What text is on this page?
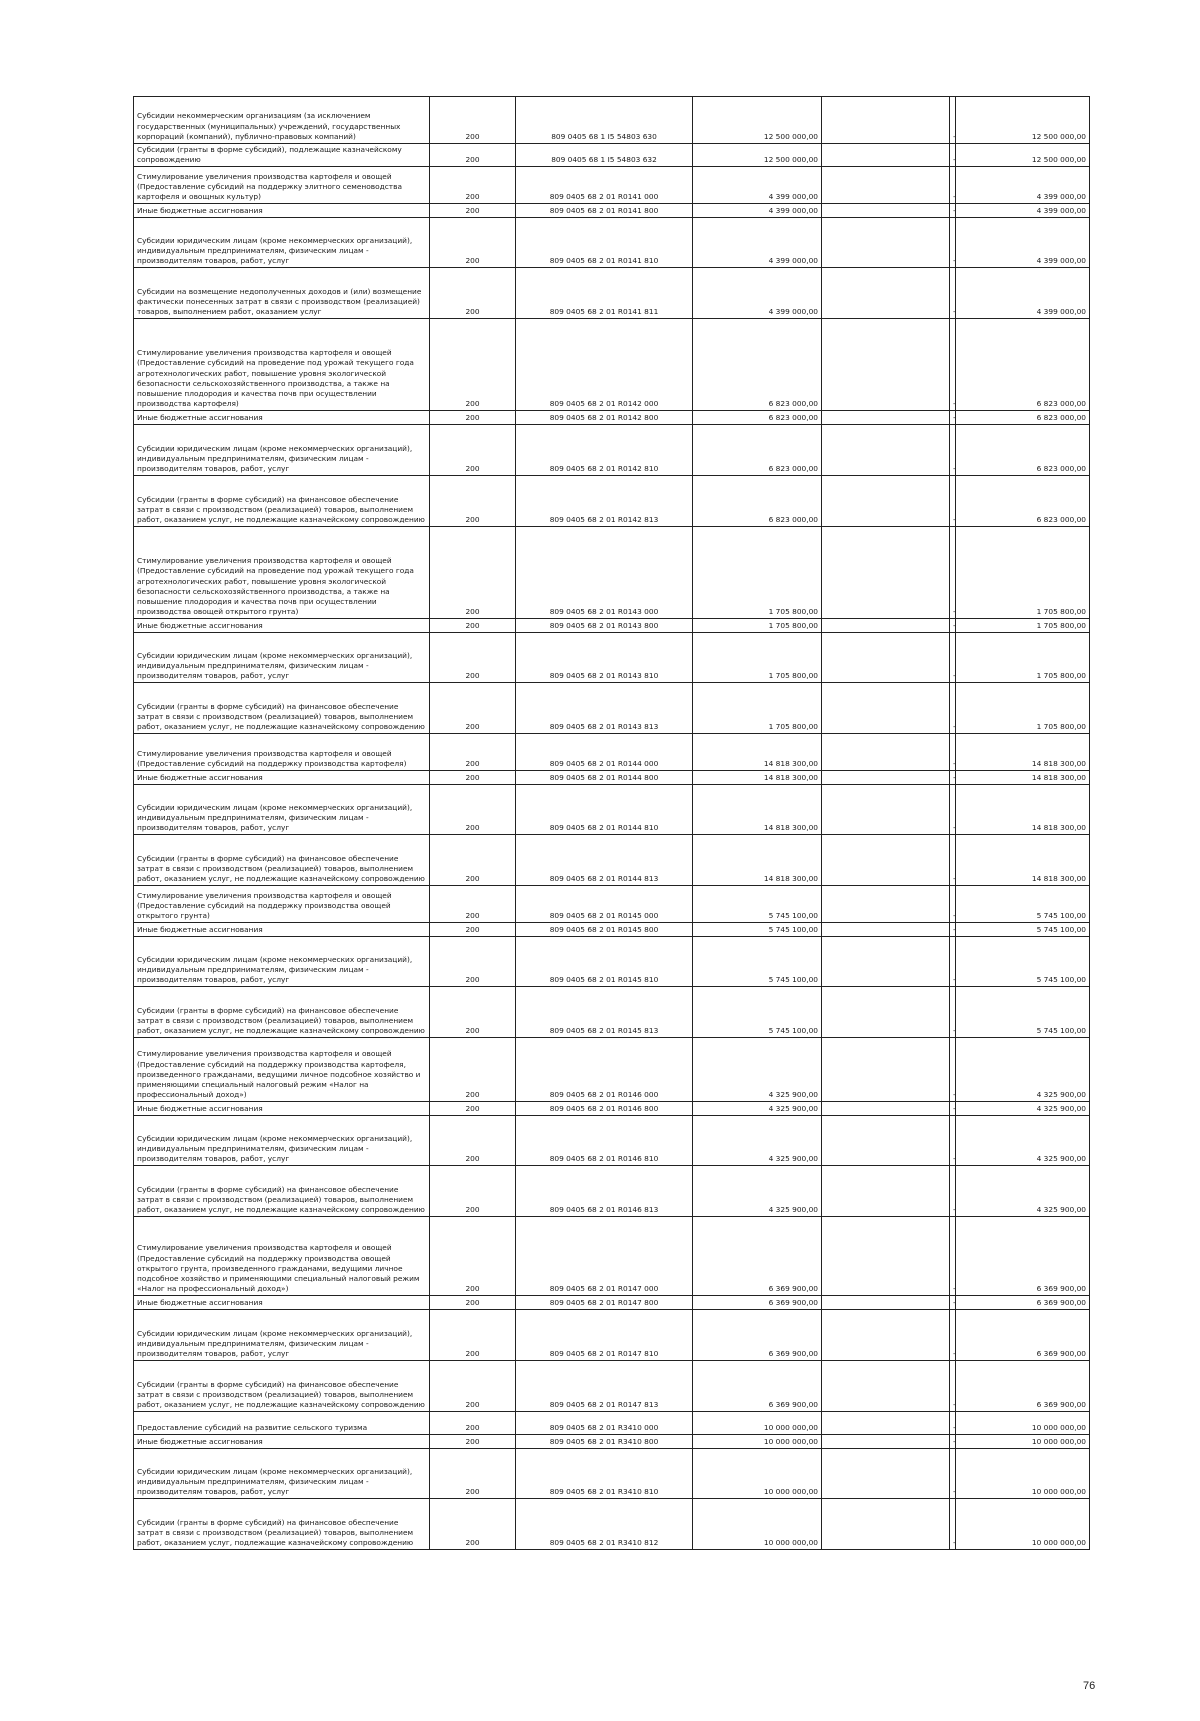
Субсидии некоммерческим организациям (за исключением государственных (муниципальных) учреждений, государственных корпораций (компаний), публично-правовых компаний)	200	809 0405 68 1 I5 54803 630	12 500 000,00		-	12 500 000,00
Субсидии (гранты в форме субсидий), подлежащие казначейскому сопровождению	200	809 0405 68 1 I5 54803 632	12 500 000,00		-	12 500 000,00
Стимулирование увеличения производства картофеля и овощей (Предоставление субсидий на поддержку элитного семеноводства картофеля и овощных культур)	200	809 0405 68 2 01 R0141 000	4 399 000,00		-	4 399 000,00
Иные бюджетные ассигнования	200	809 0405 68 2 01 R0141 800	4 399 000,00		-	4 399 000,00
Субсидии юридическим лицам (кроме некоммерческих организаций), индивидуальным предпринимателям, физическим лицам - производителям товаров, работ, услуг	200	809 0405 68 2 01 R0141 810	4 399 000,00		-	4 399 000,00
Субсидии на возмещение недополученных доходов и (или) возмещение фактически понесенных затрат в связи с производством (реализацией) товаров, выполнением работ, оказанием услуг	200	809 0405 68 2 01 R0141 811	4 399 000,00		-	4 399 000,00
Стимулирование увеличения производства картофеля и овощей (Предоставление субсидий на проведение под урожай текущего года агротехнологических работ, повышение уровня экологической безопасности сельскохозяйственного производства, а также на повышение плодородия и качества почв при осуществлении производства картофеля)	200	809 0405 68 2 01 R0142 000	6 823 000,00		-	6 823 000,00
Иные бюджетные ассигнования	200	809 0405 68 2 01 R0142 800	6 823 000,00		-	6 823 000,00
Субсидии юридическим лицам (кроме некоммерческих организаций), индивидуальным предпринимателям, физическим лицам - производителям товаров, работ, услуг	200	809 0405 68 2 01 R0142 810	6 823 000,00		-	6 823 000,00
Субсидии (гранты в форме субсидий) на финансовое обеспечение затрат в связи с производством (реализацией) товаров, выполнением работ, оказанием услуг, не подлежащие казначейскому сопровождению	200	809 0405 68 2 01 R0142 813	6 823 000,00		-	6 823 000,00
Стимулирование увеличения производства картофеля и овощей (Предоставление субсидий на проведение под урожай текущего года агротехнологических работ, повышение уровня экологической безопасности сельскохозяйственного производства, а также на повышение плодородия и качества почв при осуществлении производства овощей открытого грунта)	200	809 0405 68 2 01 R0143 000	1 705 800,00		-	1 705 800,00
Иные бюджетные ассигнования	200	809 0405 68 2 01 R0143 800	1 705 800,00		-	1 705 800,00
Субсидии юридическим лицам (кроме некоммерческих организаций), индивидуальным предпринимателям, физическим лицам - производителям товаров, работ, услуг	200	809 0405 68 2 01 R0143 810	1 705 800,00		-	1 705 800,00
Субсидии (гранты в форме субсидий) на финансовое обеспечение затрат в связи с производством (реализацией) товаров, выполнением работ, оказанием услуг, не подлежащие казначейскому сопровождению	200	809 0405 68 2 01 R0143 813	1 705 800,00		-	1 705 800,00
Стимулирование увеличения производства картофеля и овощей (Предоставление субсидий на поддержку производства картофеля)	200	809 0405 68 2 01 R0144 000	14 818 300,00		-	14 818 300,00
Иные бюджетные ассигнования	200	809 0405 68 2 01 R0144 800	14 818 300,00		-	14 818 300,00
Субсидии юридическим лицам (кроме некоммерческих организаций), индивидуальным предпринимателям, физическим лицам - производителям товаров, работ, услуг	200	809 0405 68 2 01 R0144 810	14 818 300,00		-	14 818 300,00
Субсидии (гранты в форме субсидий) на финансовое обеспечение затрат в связи с производством (реализацией) товаров, выполнением работ, оказанием услуг, не подлежащие казначейскому сопровождению	200	809 0405 68 2 01 R0144 813	14 818 300,00		-	14 818 300,00
Стимулирование увеличения производства картофеля и овощей (Предоставление субсидий на поддержку производства овощей открытого грунта)	200	809 0405 68 2 01 R0145 000	5 745 100,00		-	5 745 100,00
Иные бюджетные ассигнования	200	809 0405 68 2 01 R0145 800	5 745 100,00		-	5 745 100,00
Субсидии юридическим лицам (кроме некоммерческих организаций), индивидуальным предпринимателям, физическим лицам - производителям товаров, работ, услуг	200	809 0405 68 2 01 R0145 810	5 745 100,00		-	5 745 100,00
Субсидии (гранты в форме субсидий) на финансовое обеспечение затрат в связи с производством (реализацией) товаров, выполнением работ, оказанием услуг, не подлежащие казначейскому сопровождению	200	809 0405 68 2 01 R0145 813	5 745 100,00		-	5 745 100,00
Стимулирование увеличения производства картофеля и овощей (Предоставление субсидий на поддержку производства картофеля, произведенного гражданами, ведущими личное подсобное хозяйство и применяющими специальный налоговый режим «Налог на профессиональный доход»)	200	809 0405 68 2 01 R0146 000	4 325 900,00		-	4 325 900,00
Иные бюджетные ассигнования	200	809 0405 68 2 01 R0146 800	4 325 900,00		-	4 325 900,00
Субсидии юридическим лицам (кроме некоммерческих организаций), индивидуальным предпринимателям, физическим лицам - производителям товаров, работ, услуг	200	809 0405 68 2 01 R0146 810	4 325 900,00		-	4 325 900,00
Субсидии (гранты в форме субсидий) на финансовое обеспечение затрат в связи с производством (реализацией) товаров, выполнением работ, оказанием услуг, не подлежащие казначейскому сопровождению	200	809 0405 68 2 01 R0146 813	4 325 900,00		-	4 325 900,00
Стимулирование увеличения производства картофеля и овощей (Предоставление субсидий на поддержку производства овощей открытого грунта, произведенного гражданами, ведущими личное подсобное хозяйство и применяющими специальный налоговый режим «Налог на профессиональный доход»)	200	809 0405 68 2 01 R0147 000	6 369 900,00		-	6 369 900,00
Иные бюджетные ассигнования	200	809 0405 68 2 01 R0147 800	6 369 900,00		-	6 369 900,00
Субсидии юридическим лицам (кроме некоммерческих организаций), индивидуальным предпринимателям, физическим лицам - производителям товаров, работ, услуг	200	809 0405 68 2 01 R0147 810	6 369 900,00		-	6 369 900,00
Субсидии (гранты в форме субсидий) на финансовое обеспечение затрат в связи с производством (реализацией) товаров, выполнением работ, оказанием услуг, не подлежащие казначейскому сопровождению	200	809 0405 68 2 01 R0147 813	6 369 900,00		-	6 369 900,00
Предоставление субсидий на развитие сельского туризма	200	809 0405 68 2 01 R3410 000	10 000 000,00		-	10 000 000,00
Иные бюджетные ассигнования	200	809 0405 68 2 01 R3410 800	10 000 000,00		-	10 000 000,00
Субсидии юридическим лицам (кроме некоммерческих организаций), индивидуальным предпринимателям, физическим лицам - производителям товаров, работ, услуг	200	809 0405 68 2 01 R3410 810	10 000 000,00		-	10 000 000,00
Субсидии (гранты в форме субсидий) на финансовое обеспечение затрат в связи с производством (реализацией) товаров, выполнением работ, оказанием услуг, подлежащие казначейскому сопровождению	200	809 0405 68 2 01 R3410 812	10 000 000,00		-	10 000 000,00
76
